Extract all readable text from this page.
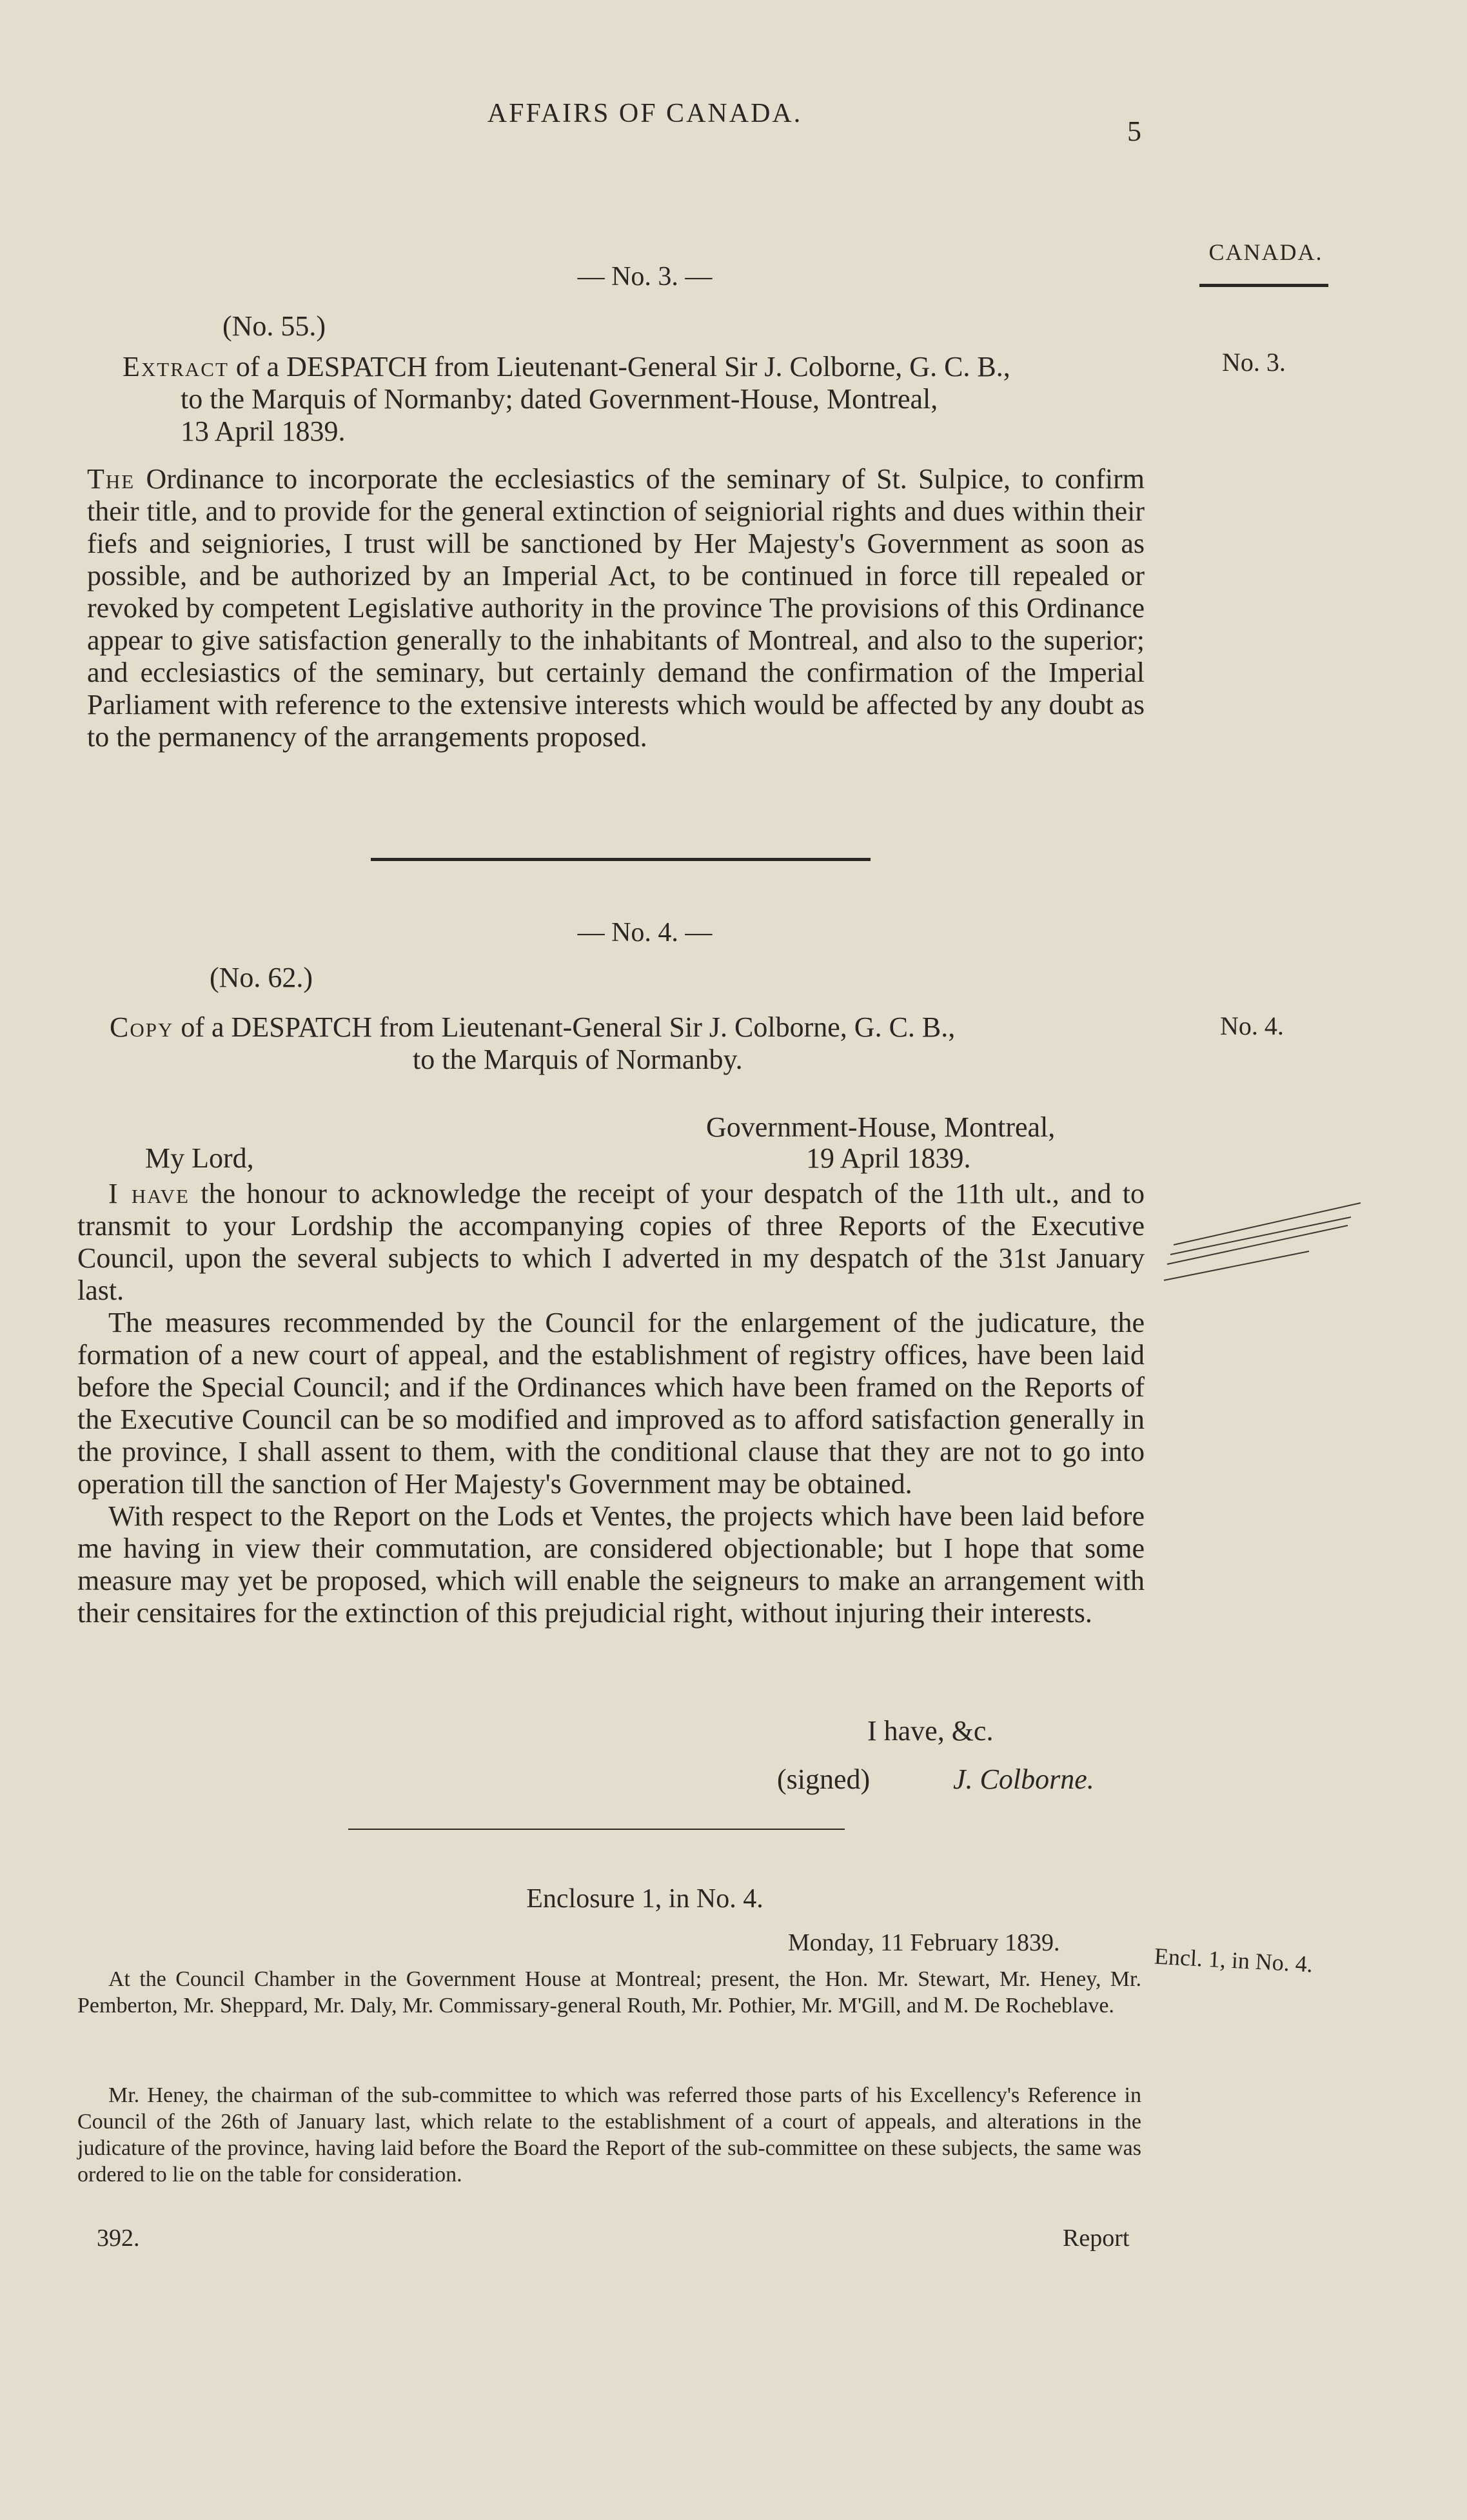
AFFAIRS OF CANADA.
5
CANADA.
No. 3.
No. 4.
Encl. 1, in No. 4.
— No. 3. —
(No. 55.)
Extract of a DESPATCH from Lieutenant-General Sir J. Colborne, G. C. B.,
to the Marquis of Normanby; dated Government-House, Montreal,
13 April 1839.

The Ordinance to incorporate the ecclesiastics of the seminary of St. Sulpice, to confirm their title, and to provide for the general extinction of seigniorial rights and dues within their fiefs and seigniories, I trust will be sanctioned by Her Majesty's Government as soon as possible, and be authorized by an Imperial Act, to be continued in force till repealed or revoked by competent Legislative authority in the province The provisions of this Ordinance appear to give satisfaction generally to the inhabitants of Montreal, and also to the superior; and ecclesiastics of the seminary, but certainly demand the confirmation of the Imperial Parliament with reference to the extensive interests which would be affected by any doubt as to the permanency of the arrangements proposed.

— No. 4. —
(No. 62.)
Copy of a DESPATCH from Lieutenant-General Sir J. Colborne, G. C. B.,
to the Marquis of Normanby.
Government-House, Montreal,
My Lord,	19 April 1839.

I have the honour to acknowledge the receipt of your despatch of the 11th ult., and to transmit to your Lordship the accompanying copies of three Reports of the Executive Council, upon the several subjects to which I adverted in my despatch of the 31st January last.

The measures recommended by the Council for the enlargement of the judicature, the formation of a new court of appeal, and the establishment of registry offices, have been laid before the Special Council; and if the Ordinances which have been framed on the Reports of the Executive Council can be so modified and improved as to afford satisfaction generally in the province, I shall assent to them, with the conditional clause that they are not to go into operation till the sanction of Her Majesty's Government may be obtained.

With respect to the Report on the Lods et Ventes, the projects which have been laid before me having in view their commutation, are considered objectionable; but I hope that some measure may yet be proposed, which will enable the seigneurs to make an arrangement with their censitaires for the extinction of this prejudicial right, without injuring their interests.

I have, &c.
(signed)	J. Colborne.
Enclosure 1, in No. 4.
Monday, 11 February 1839.

At the Council Chamber in the Government House at Montreal; present, the Hon. Mr. Stewart, Mr. Heney, Mr. Pemberton, Mr. Sheppard, Mr. Daly, Mr. Commissary-general Routh, Mr. Pothier, Mr. M'Gill, and M. De Rocheblave.

Mr. Heney, the chairman of the sub-committee to which was referred those parts of his Excellency's Reference in Council of the 26th of January last, which relate to the establishment of a court of appeals, and alterations in the judicature of the province, having laid before the Board the Report of the sub-committee on these subjects, the same was ordered to lie on the table for consideration.

392.	Report
